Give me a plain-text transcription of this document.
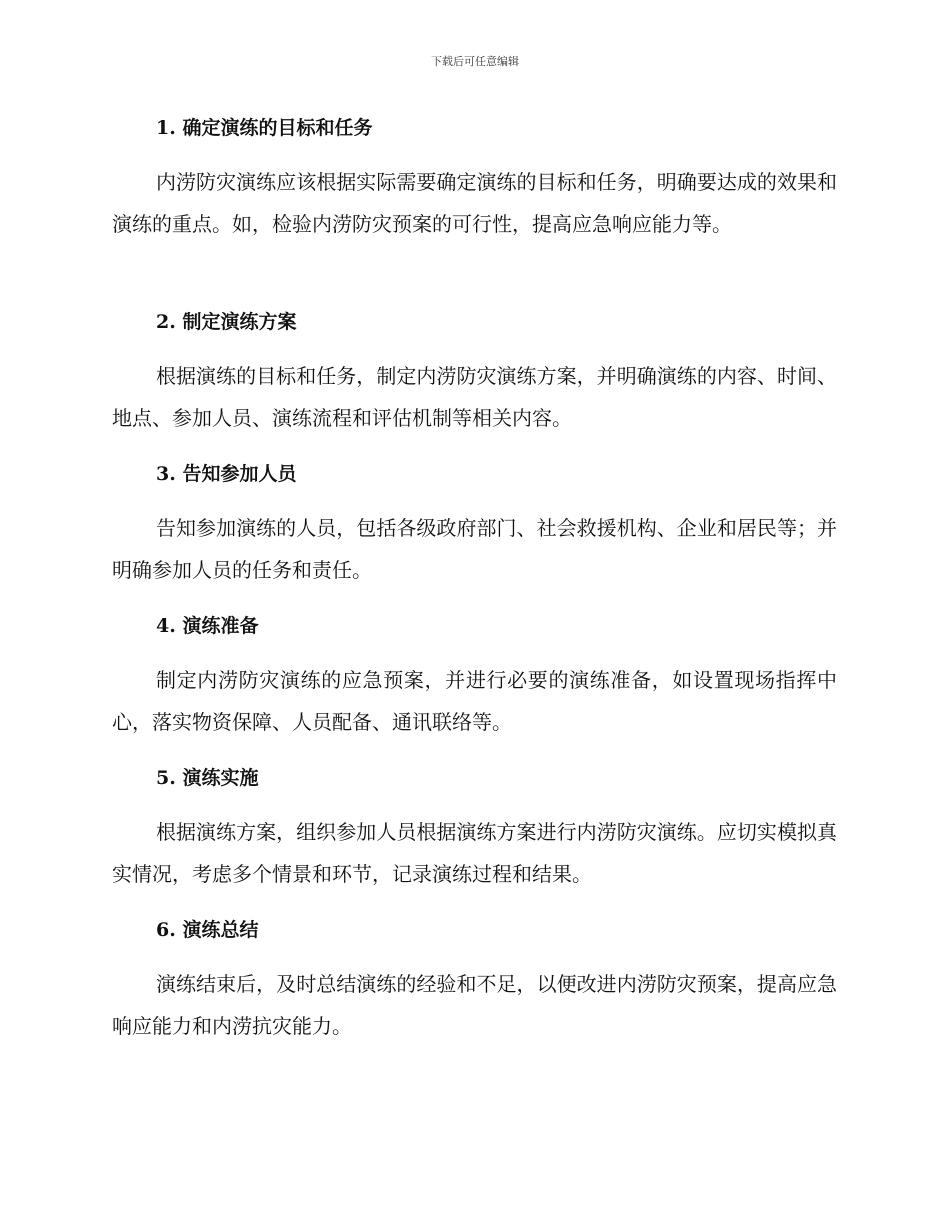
下载后可任意编辑
1. 确定演练的目标和任务

内涝防灾演练应该根据实际需要确定演练的目标和任务，明确要达成的效果和演练的重点。如，检验内涝防灾预案的可行性，提高应急响应能力等。

2. 制定演练方案

根据演练的目标和任务，制定内涝防灾演练方案，并明确演练的内容、时间、地点、参加人员、演练流程和评估机制等相关内容。

3. 告知参加人员

告知参加演练的人员，包括各级政府部门、社会救援机构、企业和居民等；并明确参加人员的任务和责任。

4. 演练准备

制定内涝防灾演练的应急预案，并进行必要的演练准备，如设置现场指挥中心，落实物资保障、人员配备、通讯联络等。

5. 演练实施

根据演练方案，组织参加人员根据演练方案进行内涝防灾演练。应切实模拟真实情况，考虑多个情景和环节，记录演练过程和结果。

6. 演练总结

演练结束后，及时总结演练的经验和不足，以便改进内涝防灾预案，提高应急响应能力和内涝抗灾能力。
